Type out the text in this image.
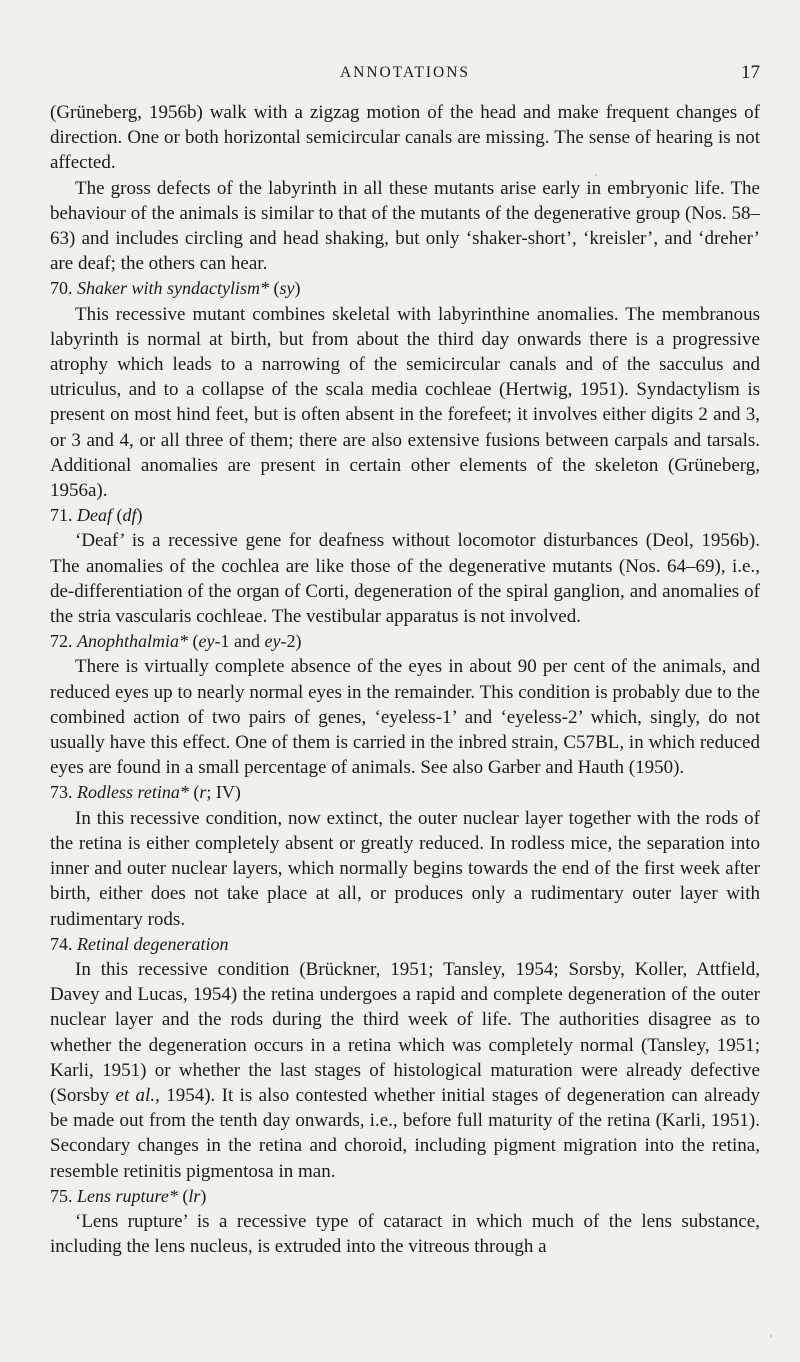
ANNOTATIONS	17

(Grüneberg, 1956b) walk with a zigzag motion of the head and make frequent changes of direction. One or both horizontal semicircular canals are missing. The sense of hearing is not affected.

The gross defects of the labyrinth in all these mutants arise early in embryonic life. The behaviour of the animals is similar to that of the mutants of the degenerative group (Nos. 58–63) and includes circling and head shaking, but only ‘shaker-short’, ‘kreisler’, and ‘dreher’ are deaf; the others can hear.

70. Shaker with syndactylism* (sy)

This recessive mutant combines skeletal with labyrinthine anomalies. The membranous labyrinth is normal at birth, but from about the third day onwards there is a progressive atrophy which leads to a narrowing of the semicircular canals and of the sacculus and utriculus, and to a collapse of the scala media cochleae (Hertwig, 1951). Syndactylism is present on most hind feet, but is often absent in the forefeet; it involves either digits 2 and 3, or 3 and 4, or all three of them; there are also extensive fusions between carpals and tarsals. Additional anomalies are present in certain other elements of the skeleton (Grüneberg, 1956a).

71. Deaf (df)

‘Deaf’ is a recessive gene for deafness without locomotor disturbances (Deol, 1956b). The anomalies of the cochlea are like those of the degenerative mutants (Nos. 64–69), i.e., de-differentiation of the organ of Corti, degeneration of the spiral ganglion, and anomalies of the stria vascularis cochleae. The vestibular apparatus is not involved.

72. Anophthalmia* (ey-1 and ey-2)

There is virtually complete absence of the eyes in about 90 per cent of the animals, and reduced eyes up to nearly normal eyes in the remainder. This condition is probably due to the combined action of two pairs of genes, ‘eyeless-1’ and ‘eyeless-2’ which, singly, do not usually have this effect. One of them is carried in the inbred strain, C57BL, in which reduced eyes are found in a small percentage of animals. See also Garber and Hauth (1950).

73. Rodless retina* (r; IV)

In this recessive condition, now extinct, the outer nuclear layer together with the rods of the retina is either completely absent or greatly reduced. In rodless mice, the separation into inner and outer nuclear layers, which normally begins towards the end of the first week after birth, either does not take place at all, or produces only a rudimentary outer layer with rudimentary rods.

74. Retinal degeneration

In this recessive condition (Brückner, 1951; Tansley, 1954; Sorsby, Koller, Attfield, Davey and Lucas, 1954) the retina undergoes a rapid and complete degeneration of the outer nuclear layer and the rods during the third week of life. The authorities disagree as to whether the degeneration occurs in a retina which was completely normal (Tansley, 1951; Karli, 1951) or whether the last stages of histological maturation were already defective (Sorsby et al., 1954). It is also contested whether initial stages of degeneration can already be made out from the tenth day onwards, i.e., before full maturity of the retina (Karli, 1951). Secondary changes in the retina and choroid, including pigment migration into the retina, resemble retinitis pigmentosa in man.

75. Lens rupture* (lr)

‘Lens rupture’ is a recessive type of cataract in which much of the lens substance, including the lens nucleus, is extruded into the vitreous through a
